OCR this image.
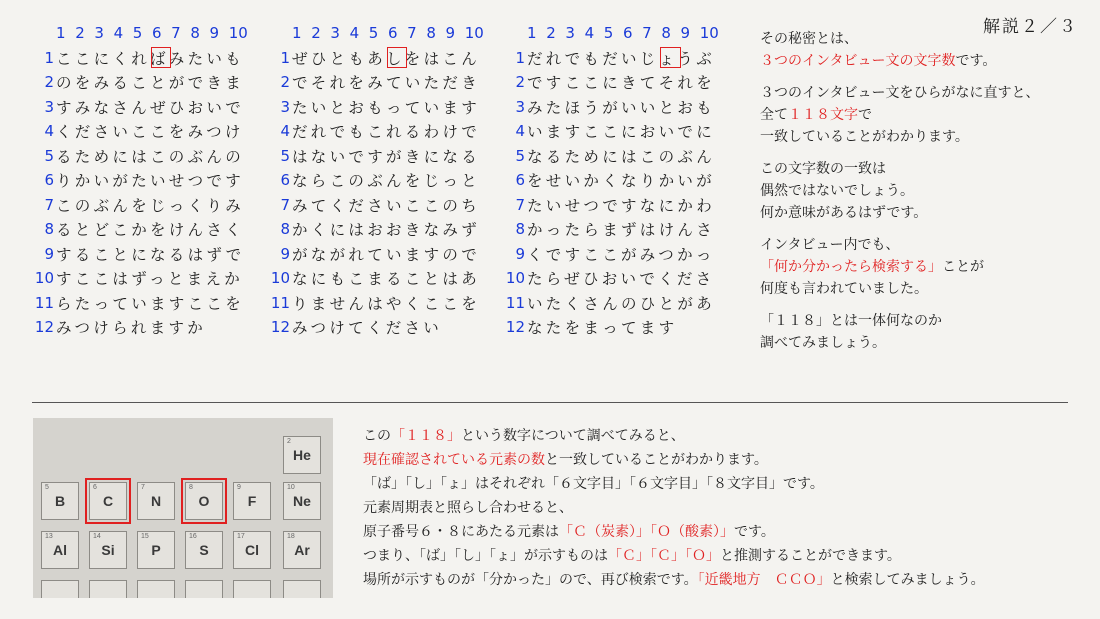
解説２／３
1 2 3 4 5 6 7 8 9 10
1 ここにくればみたいも
2 のをみることができま
3 すみなさんぜひおいで
4 くださいここをみつけ
5 るためにはこのぶんの
6 りかいがたいせつです
7 このぶんをじっくりみ
8 るとどこかをけんさく
9 することになるはずで
10 すここはずっとまえか
11 らたっていますここを
12 みつけられますか
1 2 3 4 5 6 7 8 9 10
1 ぜひともあしをはこん
2 でそれをみていただき
3 たいとおもっています
4 だれでもこれるわけで
5 はないですがきになる
6 ならこのぶんをじっと
7 みてくださいここのち
8 かくにはおおきなみず
9 がながれていますので
10 なにもこまることはあ
11 りませんはやくここを
12 みつけてください
1 2 3 4 5 6 7 8 9 10
1 だれでもだいじょうぶ
2 ですここにきてそれを
3 みたほうがいいとおも
4 いますここにおいでに
5 なるためにはこのぶん
6 をせいかくなりかいが
7 たいせつですなにかわ
8 かったらまずはけんさ
9 くですここがみつかっ
10 たらぜひおいでくださ
11 いたくさんのひとがあ
12 なたをまってます

その秘密とは、
３つのインタビュー文の文字数です。

３つのインタビュー文をひらがなに直すと、
全て１１８文字で
一致していることがわかります。

この文字数の一致は
偶然ではないでしょう。
何か意味があるはずです。

インタビュー内でも、
「何か分かったら検索する」ことが
何度も言われていました。

「１１８」とは一体何なのか
調べてみましょう。

2
He
5
B
6
C
7
N
8
O
9
F
10
Ne
13
Al
14
Si
15
P
16
S
17
Cl
18
Ar
この「１１８」という数字について調べてみると、
現在確認されている元素の数と一致していることがわかります。
「ば」「し」「ょ」はそれぞれ「６文字目」「６文字目」「８文字目」です。
元素周期表と照らし合わせると、
原子番号６・８にあたる元素は「Ｃ（炭素）」「Ｏ（酸素）」です。
つまり、「ば」「し」「ょ」が示すものは「Ｃ」「Ｃ」「Ｏ」と推測することができます。
場所が示すものが「分かった」ので、再び検索です。「近畿地方　ＣＣＯ」と検索してみましょう。
